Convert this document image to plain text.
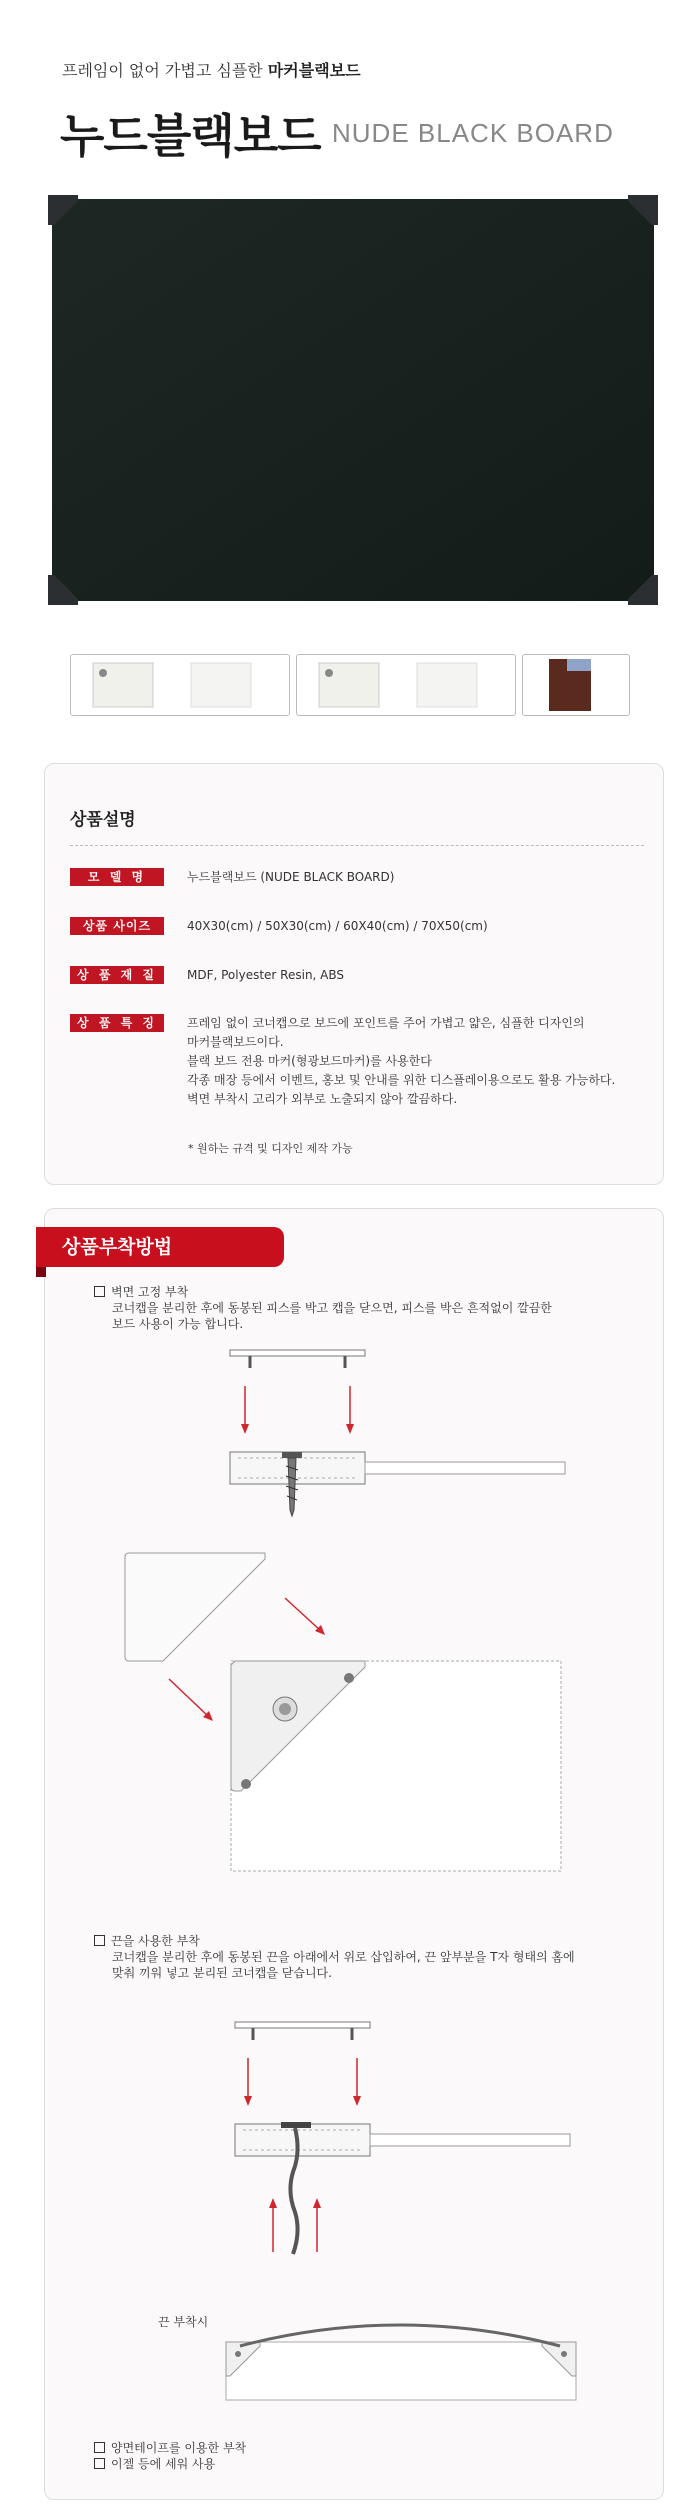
프레임이 없어 가볍고 심플한 마커블랙보드
누드블랙보드 NUDE BLACK BOARD
상품설명
모 델 명	누드블랙보드 (NUDE BLACK BOARD)
상품 사이즈	40X30(cm) / 50X30(cm) / 60X40(cm) / 70X50(cm)
상 품 재 질	MDF, Polyester Resin, ABS
상 품 특 징	프레임 없이 코너캡으로 보드에 포인트를 주어 가볍고 얇은, 심플한 디자인의
마커블랙보드이다.
블랙 보드 전용 마커(형광보드마커)를 사용한다
각종 매장 등에서 이벤트, 홍보 및 안내를 위한 디스플레이용으로도 활용 가능하다.
벽면 부착시 고리가 외부로 노출되지 않아 깔끔하다.
* 원하는 규격 및 디자인 제작 가능
상품부착방법
벽면 고정 부착
코너캡을 분리한 후에 동봉된 피스를 박고 캡을 닫으면, 피스를 박은 흔적없이 깔끔한
보드 사용이 가능 합니다.
끈을 사용한 부착
코너캡을 분리한 후에 동봉된 끈을 아래에서 위로 삽입하여, 끈 앞부분을 T자 형태의 홈에
맞춰 끼워 넣고 분리된 코너캡을 닫습니다.
끈 부착시
양면테이프를 이용한 부착
이젤 등에 세워 사용
